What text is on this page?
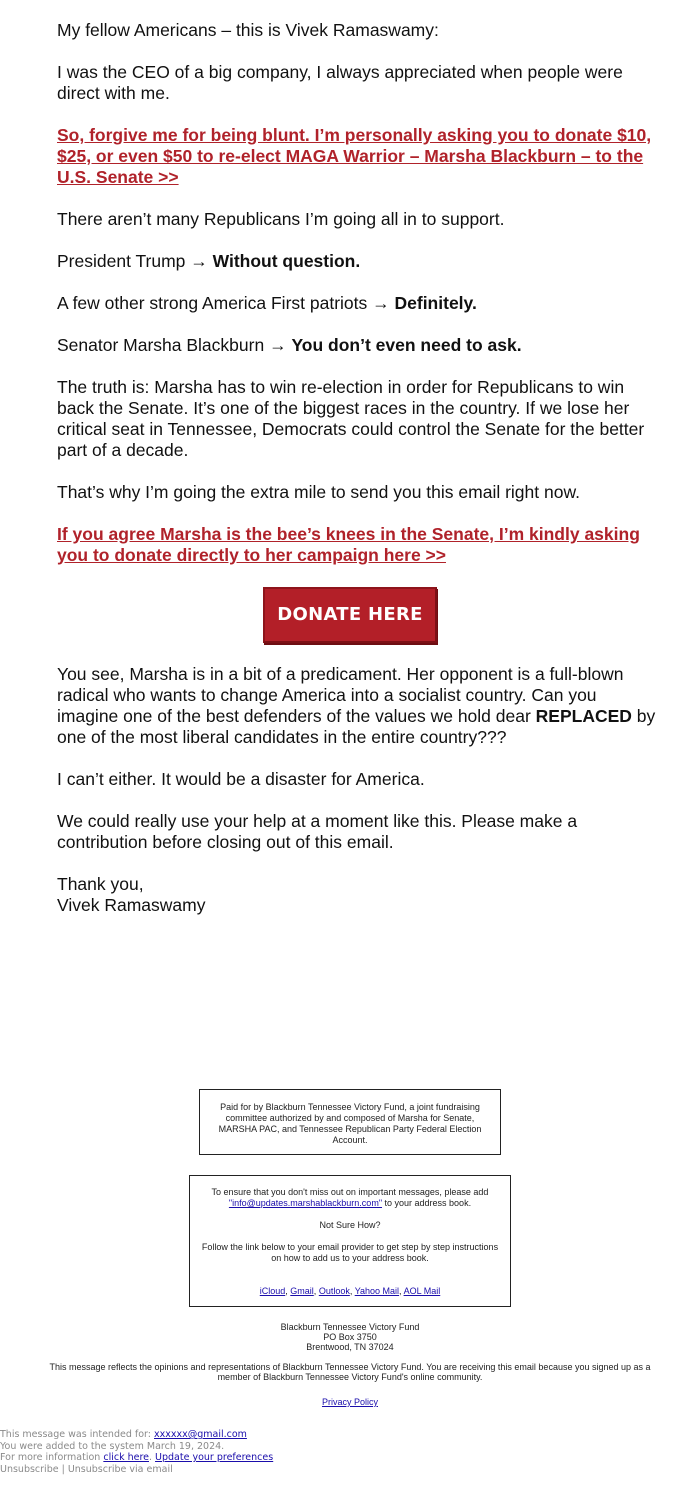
My fellow Americans – this is Vivek Ramaswamy:

I was the CEO of a big company, I always appreciated when people were direct with me.

So, forgive me for being blunt. I’m personally asking you to donate $10, $25, or even $50 to re-elect MAGA Warrior – Marsha Blackburn – to the U.S. Senate >>

There aren’t many Republicans I’m going all in to support.

President Trump → Without question.

A few other strong America First patriots → Definitely.

Senator Marsha Blackburn → You don’t even need to ask.

The truth is: Marsha has to win re-election in order for Republicans to win back the Senate. It’s one of the biggest races in the country. If we lose her critical seat in Tennessee, Democrats could control the Senate for the better part of a decade.

That’s why I’m going the extra mile to send you this email right now.

If you agree Marsha is the bee’s knees in the Senate, I’m kindly asking you to donate directly to her campaign here >>

DONATE HERE

You see, Marsha is in a bit of a predicament. Her opponent is a full-blown radical who wants to change America into a socialist country. Can you imagine one of the best defenders of the values we hold dear REPLACED by one of the most liberal candidates in the entire country???

I can’t either. It would be a disaster for America.

We could really use your help at a moment like this. Please make a contribution before closing out of this email.

Thank you,
Vivek Ramaswamy

Paid for by Blackburn Tennessee Victory Fund, a joint fundraising committee authorized by and composed of Marsha for Senate, MARSHA PAC, and Tennessee Republican Party Federal Election Account.

To ensure that you don't miss out on important messages, please add "info@updates.marshablackburn.com" to your address book.

Not Sure How?

Follow the link below to your email provider to get step by step instructions on how to add us to your address book.

iCloud, Gmail, Outlook, Yahoo Mail, AOL Mail

Blackburn Tennessee Victory Fund
PO Box 3750
Brentwood, TN 37024
This message reflects the opinions and representations of Blackburn Tennessee Victory Fund. You are receiving this email because you signed up as a member of Blackburn Tennessee Victory Fund's online community.
Privacy Policy
This message was intended for: xxxxxx@gmail.com
You were added to the system March 19, 2024.
For more information click here. Update your preferences
Unsubscribe | Unsubscribe via email
